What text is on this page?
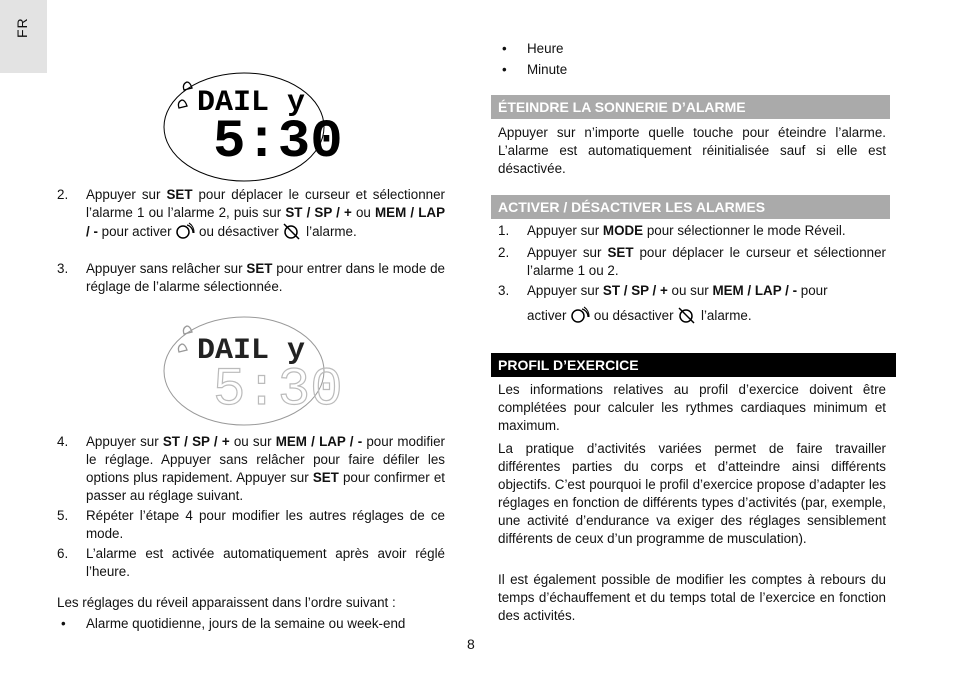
FR
DAIL y
5:30
2. Appuyer sur SET pour déplacer le curseur et sélectionner l’alarme 1 ou l’alarme 2, puis sur ST / SP / + ou MEM / LAP / - pour activer  ou désactiver  l’alarme.
3. Appuyer sans relâcher sur SET pour entrer dans le mode de réglage de l’alarme sélectionnée.
DAIL y
5:30
4. Appuyer sur ST / SP / + ou sur MEM / LAP / - pour modifier le réglage. Appuyer sans relâcher pour faire défiler les options plus rapidement. Appuyer sur SET pour confirmer et passer au réglage suivant.
5. Répéter l’étape 4 pour modifier les autres réglages de ce mode.
6. L’alarme est activée automatiquement après avoir réglé l’heure.
Les réglages du réveil apparaissent dans l’ordre suivant :
• Alarme quotidienne, jours de la semaine ou week-end
• Heure
• Minute
ÉTEINDRE LA SONNERIE D’ALARME
Appuyer sur n’importe quelle touche pour éteindre l’alarme. L’alarme est automatiquement réinitialisée sauf si elle est désactivée.
ACTIVER / DÉSACTIVER LES ALARMES
1. Appuyer sur MODE pour sélectionner le mode Réveil.
2. Appuyer sur SET pour déplacer le curseur et sélectionner l’alarme 1 ou 2.
3. Appuyer sur ST / SP / + ou sur MEM / LAP / - pour
activer  ou désactiver  l’alarme.
PROFIL D’EXERCICE
Les informations relatives au profil d’exercice doivent être complétées pour calculer les rythmes cardiaques minimum et maximum.
La pratique d’activités variées permet de faire travailler différentes parties du corps et d’atteindre ainsi différents objectifs. C’est pourquoi le profil d’exercice propose d’adapter les réglages en fonction de différents types d’activités (par, exemple, une activité d’endurance va exiger des réglages sensiblement différents de ceux d’un programme de musculation).
Il est également possible de modifier les comptes à rebours du temps d’échauffement et du temps total de l’exercice en fonction des activités.
8
